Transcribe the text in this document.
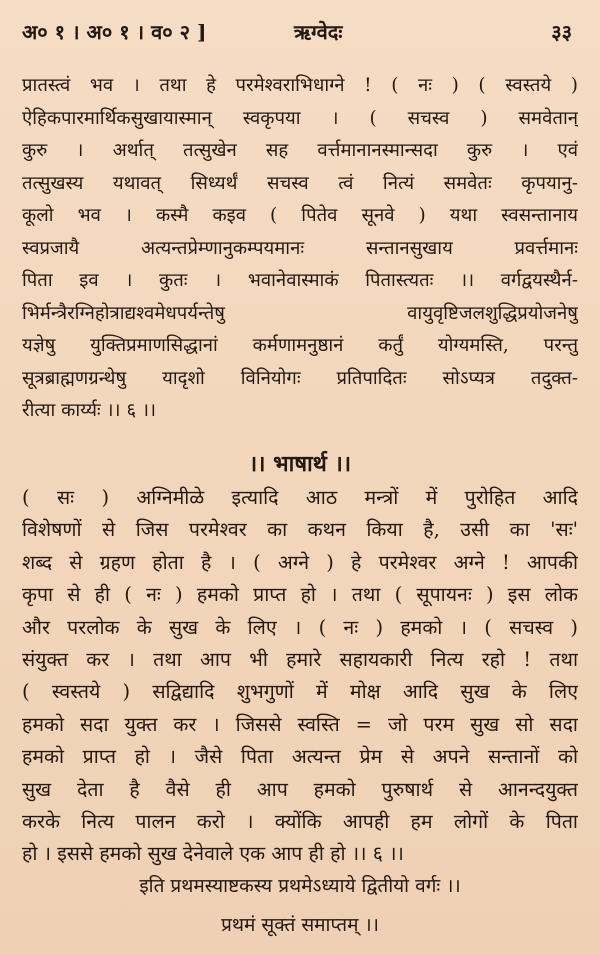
अ० १ । अ० १ । व० २ ]	ऋग्वेदः	३३
प्रातस्त्वं भव । तथा हे परमेश्वराभिधाग्ने ! ( नः ) ( स्वस्तये )
ऐहिकपारमार्थिकसुखायास्मान् स्वकृपया । ( सचस्व ) समवेतान्
कुरु । अर्थात् तत्सुखेन सह वर्त्तमानानस्मान्सदा कुरु । एवं
तत्सुखस्य यथावत् सिध्यर्थं सचस्व त्वं नित्यं समवेतः कृपयानु-
कूलो भव । कस्मै कइव ( पितेव सूनवे ) यथा स्वसन्तानाय
स्वप्रजायै अत्यन्तप्रेम्णानुकम्पयमानः सन्तानसुखाय प्रवर्त्तमानः
पिता इव । कुतः । भवानेवास्माकं पितास्त्यतः ।। वर्गद्वयस्थैर्न-
भिर्मन्त्रैरग्निहोत्राद्यश्वमेधपर्यन्तेषु वायुवृष्टिजलशुद्धिप्रयोजनेषु
यज्ञेषु युक्तिप्रमाणसिद्धानां कर्मणामनुष्ठानं कर्तुं योग्यमस्ति, परन्तु
सूत्रब्राह्मणग्रन्थेषु यादृशो विनियोगः प्रतिपादितः सोऽप्यत्र तदुक्त-
रीत्या कार्य्यः ।। ६ ।।
।। भाषार्थ ।।
( सः ) अग्निमीळे इत्यादि आठ मन्त्रों में पुरोहित आदि
विशेषणों से जिस परमेश्वर का कथन किया है, उसी का 'सः'
शब्द से ग्रहण होता है । ( अग्ने ) हे परमेश्वर अग्ने ! आपकी
कृपा से ही ( नः ) हमको प्राप्त हो । तथा ( सूपायनः ) इस लोक
और परलोक के सुख के लिए । ( नः ) हमको । ( सचस्व )
संयुक्त कर । तथा आप भी हमारे सहायकारी नित्य रहो ! तथा
( स्वस्तये ) सद्विद्यादि शुभगुणों में मोक्ष आदि सुख के लिए
हमको सदा युक्त कर । जिससे स्वस्ति = जो परम सुख सो सदा
हमको प्राप्त हो । जैसे पिता अत्यन्त प्रेम से अपने सन्तानों को
सुख देता है वैसे ही आप हमको पुरुषार्थ से आनन्दयुक्त
करके नित्य पालन करो । क्योंकि आपही हम लोगों के पिता
हो । इससे हमको सुख देनेवाले एक आप ही हो ।। ६ ।।
इति प्रथमस्याष्टकस्य प्रथमेऽध्याये द्वितीयो वर्गः ।।
प्रथमं सूक्तं समाप्तम् ।।
